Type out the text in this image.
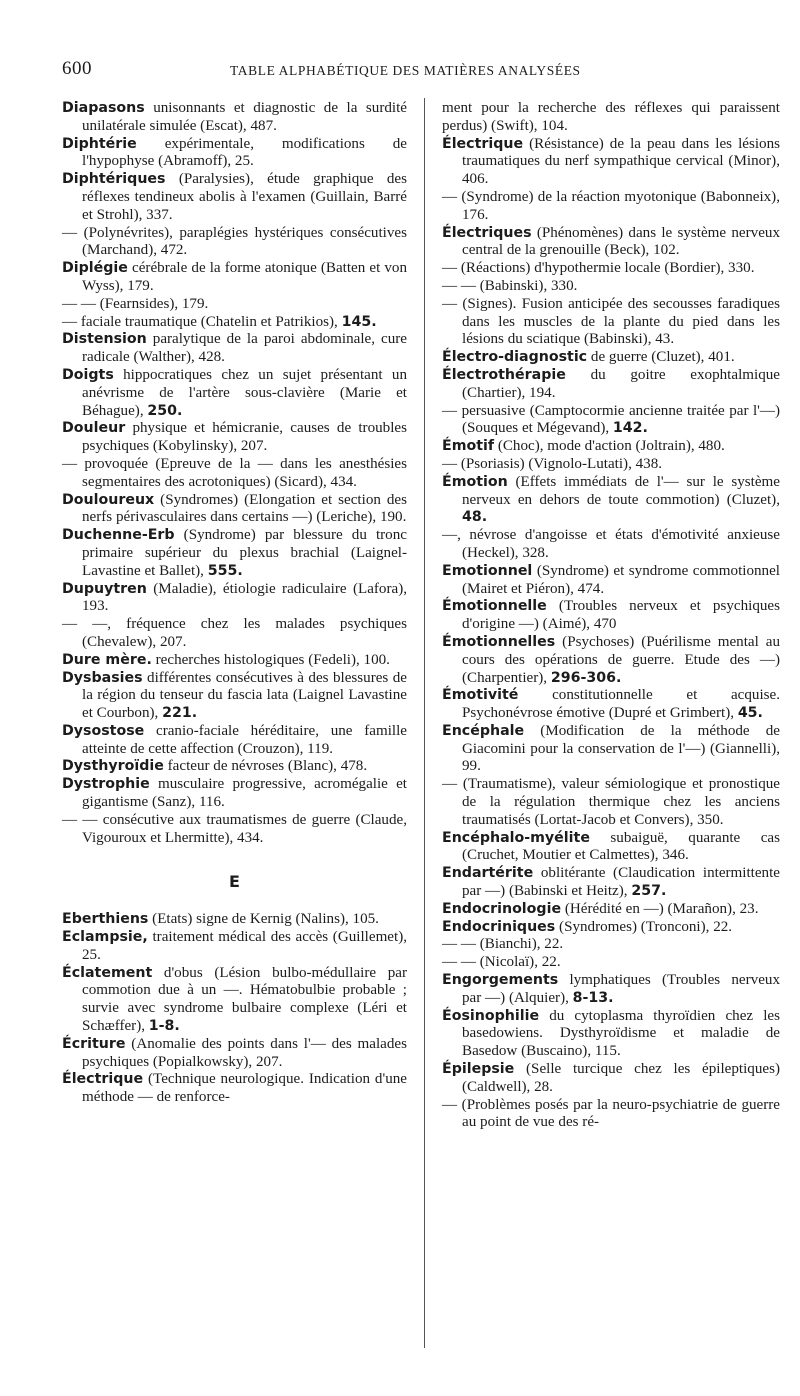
600	TABLE ALPHABÉTIQUE DES MATIÈRES ANALYSÉES

Diapasons unisonnants et diagnostic de la surdité unilatérale simulée (Escat), 487.

Diphtérie expérimentale, modifications de l'hypophyse (Abramoff), 25.

Diphtériques (Paralysies), étude graphique des réflexes tendineux abolis à l'examen (Guillain, Barré et Strohl), 337.

— (Polynévrites), paraplégies hystériques consécutives (Marchand), 472.

Diplégie cérébrale de la forme atonique (Batten et von Wyss), 179.

— — (Fearnsides), 179.

— faciale traumatique (Chatelin et Patrikios), 145.

Distension paralytique de la paroi abdominale, cure radicale (Walther), 428.

Doigts hippocratiques chez un sujet présentant un anévrisme de l'artère sous-clavière (Marie et Béhague), 250.

Douleur physique et hémicranie, causes de troubles psychiques (Kobylinsky), 207.

— provoquée (Epreuve de la — dans les anesthésies segmentaires des acrotoniques) (Sicard), 434.

Douloureux (Syndromes) (Elongation et section des nerfs périvasculaires dans certains —) (Leriche), 190.

Duchenne-Erb (Syndrome) par blessure du tronc primaire supérieur du plexus brachial (Laignel-Lavastine et Ballet), 555.

Dupuytren (Maladie), étiologie radiculaire (Lafora), 193.

— —, fréquence chez les malades psychiques (Chevalew), 207.

Dure mère. recherches histologiques (Fedeli), 100.

Dysbasies différentes consécutives à des blessures de la région du tenseur du fascia lata (Laignel Lavastine et Courbon), 221.

Dysostose cranio-faciale héréditaire, une famille atteinte de cette affection (Crouzon), 119.

Dysthyroïdie facteur de névroses (Blanc), 478.

Dystrophie musculaire progressive, acromégalie et gigantisme (Sanz), 116.

— — consécutive aux traumatismes de guerre (Claude, Vigouroux et Lhermitte), 434.

E

Eberthiens (Etats) signe de Kernig (Nalins), 105.

Eclampsie, traitement médical des accès (Guillemet), 25.

Éclatement d'obus (Lésion bulbo-médullaire par commotion due à un —. Hématobulbie probable ; survie avec syndrome bulbaire complexe (Léri et Schæffer), 1-8.

Écriture (Anomalie des points dans l'— des malades psychiques (Popialkowsky), 207.

Électrique (Technique neurologique. Indication d'une méthode — de renforce-

ment pour la recherche des réflexes qui paraissent perdus) (Swift), 104.

Électrique (Résistance) de la peau dans les lésions traumatiques du nerf sympathique cervical (Minor), 406.

— (Syndrome) de la réaction myotonique (Babonneix), 176.

Électriques (Phénomènes) dans le système nerveux central de la grenouille (Beck), 102.

— (Réactions) d'hypothermie locale (Bordier), 330.

— — (Babinski), 330.

— (Signes). Fusion anticipée des secousses faradiques dans les muscles de la plante du pied dans les lésions du sciatique (Babinski), 43.

Électro-diagnostic de guerre (Cluzet), 401.

Électrothérapie du goitre exophtalmique (Chartier), 194.

— persuasive (Camptocormie ancienne traitée par l'—) (Souques et Mégevand), 142.

Émotif (Choc), mode d'action (Joltrain), 480.

— (Psoriasis) (Vignolo-Lutati), 438.

Émotion (Effets immédiats de l'— sur le système nerveux en dehors de toute commotion) (Cluzet), 48.

—, névrose d'angoisse et états d'émotivité anxieuse (Heckel), 328.

Emotionnel (Syndrome) et syndrome commotionnel (Mairet et Piéron), 474.

Émotionnelle (Troubles nerveux et psychiques d'origine —) (Aimé), 470

Émotionnelles (Psychoses) (Puérilisme mental au cours des opérations de guerre. Etude des —) (Charpentier), 296-306.

Émotivité constitutionnelle et acquise. Psychonévrose émotive (Dupré et Grimbert), 45.

Encéphale (Modification de la méthode de Giacomini pour la conservation de l'—) (Giannelli), 99.

— (Traumatisme), valeur sémiologique et pronostique de la régulation thermique chez les anciens traumatisés (Lortat-Jacob et Convers), 350.

Encéphalo-myélite subaiguë, quarante cas (Cruchet, Moutier et Calmettes), 346.

Endartérite oblitérante (Claudication intermittente par —) (Babinski et Heitz), 257.

Endocrinologie (Hérédité en —) (Marañon), 23.

Endocriniques (Syndromes) (Tronconi), 22.

— — (Bianchi), 22.

— — (Nicolaï), 22.

Engorgements lymphatiques (Troubles nerveux par —) (Alquier), 8-13.

Éosinophilie du cytoplasma thyroïdien chez les basedowiens. Dysthyroïdisme et maladie de Basedow (Buscaino), 115.

Épilepsie (Selle turcique chez les épileptiques) (Caldwell), 28.

— (Problèmes posés par la neuro-psychiatrie de guerre au point de vue des ré-
